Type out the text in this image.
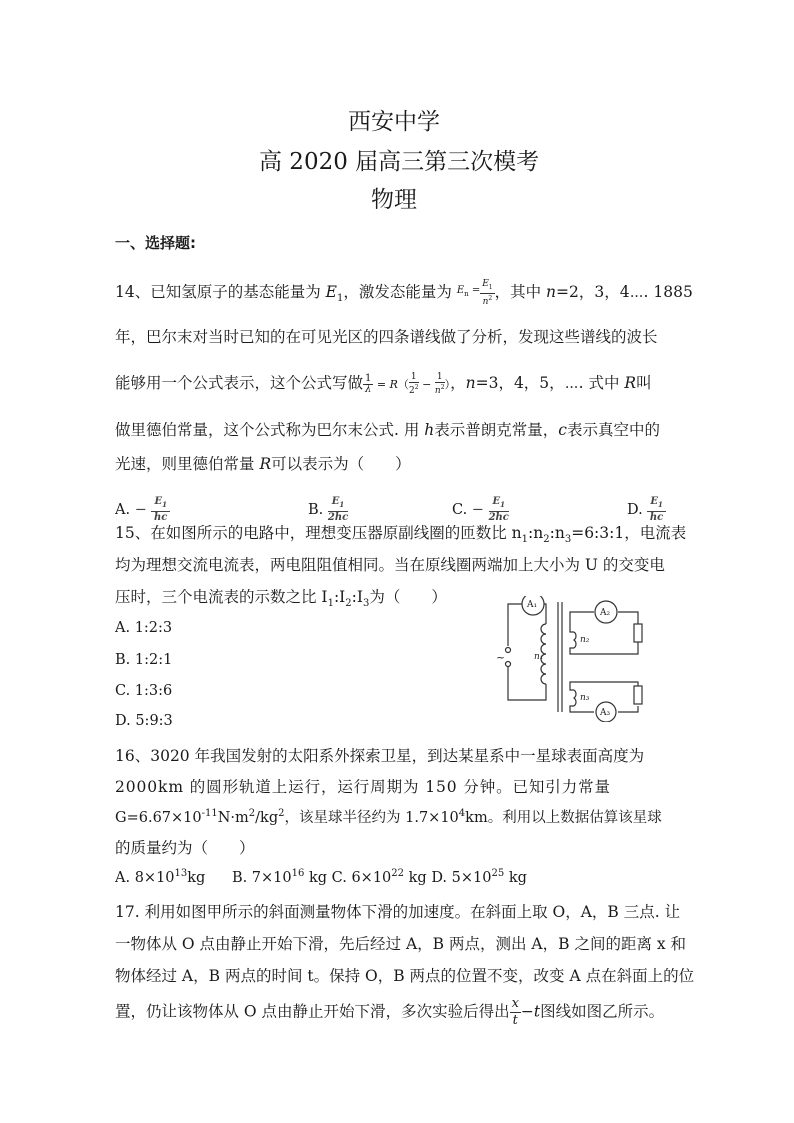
西安中学
高 2020 届高三第三次模考
物理
一、选择题:
14、已知氢原子的基态能量为 $E_1$，激发态能量为 $E_n = \frac{E_1}{n^2}$ ，其中 n=2，3，4⋯. 1885
年，巴尔末对当时已知的在可见光区的四条谱线做了分析，发现这些谱线的波长
能够用一个公式表示，这个公式写做 $\frac{1}{\lambda} = R( \frac{1}{2^2} - \frac{1}{n^2}$ ），n=3，4，5，⋯. 式中 R叫
做里德伯常量，这个公式称为巴尔末公式. 用 h表示普朗克常量，c表示真空中的
光速，则里德伯常量 R可以表示为（　　）
A. − $\frac{E_1}{hc}$	B. $\frac{E_1}{2hc}$	C. − $\frac{E_1}{2hc}$	D. $\frac{E_1}{hc}$
15、在如图所示的电路中，理想变压器原副线圈的匝数比 $n_1:n_2:n_3=6:3:1$，电流表
均为理想交流电流表，两电阻阻值相同。当在原线圈两端加上大小为 U 的交变电
压时，三个电流表的示数之比 $I_1:I_2:I_3$为（　　）
A. 1:2:3
B. 1:2:1
C. 1:3:6
D. 5:9:3
A₁
A₂
A₃
n₁
n₂
n₃
~
16、3020 年我国发射的太阳系外探索卫星，到达某星系中一星球表面高度为
2000km 的圆形轨道上运行，运行周期为 150 分钟。已知引力常量
$G=6.67\times 10^{-11}N\cdot m^2/kg^2$，该星球半径约为 $1.7\times 10^4km$。利用以上数据估算该星球
的质量约为（　　）
A. $8\times 10^{13}kg$ B. $7\times 10^{16}$ kg C. $6\times 10^{22}$ kg D. $5\times 10^{25}$ kg
17. 利用如图甲所示的斜面测量物体下滑的加速度。在斜面上取 O，A，B 三点. 让
一物体从 O 点由静止开始下滑，先后经过 A，B 两点，测出 A，B 之间的距离 x 和
物体经过 A，B 两点的时间 t。保持 O，B 两点的位置不变，改变 A 点在斜面上的位
置，仍让该物体从 O 点由静止开始下滑，多次实验后得出 $\frac{x}{t} -t$图线如图乙所示。
